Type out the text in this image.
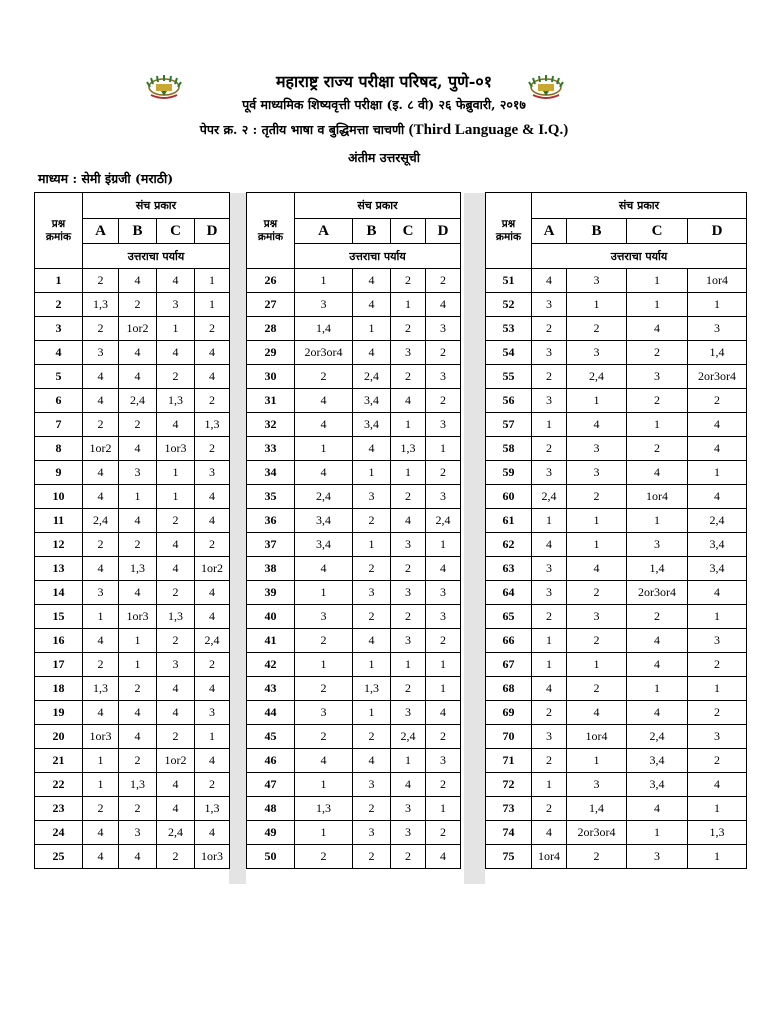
महाराष्ट्र राज्य परीक्षा परिषद, पुणे-०१
पूर्व माध्यमिक शिष्यवृत्ती परीक्षा (इ. ८ वी) २६ फेब्रुवारी, २०१७
पेपर क्र. २ : तृतीय भाषा व बुद्धिमत्ता चाचणी (Third Language & I.Q.)
अंतीम उत्तरसूची
माध्यम : सेमी इंग्रजी (मराठी)
प्रश्न
क्रमांक	संच प्रकार			
	A	B	C	D
	उत्तराचा पर्याय			
1	2	4	4	1
2	1,3	2	3	1
3	2	1or2	1	2
4	3	4	4	4
5	4	4	2	4
6	4	2,4	1,3	2
7	2	2	4	1,3
8	1or2	4	1or3	2
9	4	3	1	3
10	4	1	1	4
11	2,4	4	2	4
12	2	2	4	2
13	4	1,3	4	1or2
14	3	4	2	4
15	1	1or3	1,3	4
16	4	1	2	2,4
17	2	1	3	2
18	1,3	2	4	4
19	4	4	4	3
20	1or3	4	2	1
21	1	2	1or2	4
22	1	1,3	4	2
23	2	2	4	1,3
24	4	3	2,4	4
25	4	4	2	1or3
प्रश्न
क्रमांक	संच प्रकार			
	A	B	C	D
	उत्तराचा पर्याय			
26	1	4	2	2
27	3	4	1	4
28	1,4	1	2	3
29	2or3or4	4	3	2
30	2	2,4	2	3
31	4	3,4	4	2
32	4	3,4	1	3
33	1	4	1,3	1
34	4	1	1	2
35	2,4	3	2	3
36	3,4	2	4	2,4
37	3,4	1	3	1
38	4	2	2	4
39	1	3	3	3
40	3	2	2	3
41	2	4	3	2
42	1	1	1	1
43	2	1,3	2	1
44	3	1	3	4
45	2	2	2,4	2
46	4	4	1	3
47	1	3	4	2
48	1,3	2	3	1
49	1	3	3	2
50	2	2	2	4
प्रश्न
क्रमांक	संच प्रकार			
	A	B	C	D
	उत्तराचा पर्याय			
51	4	3	1	1or4
52	3	1	1	1
53	2	2	4	3
54	3	3	2	1,4
55	2	2,4	3	2or3or4
56	3	1	2	2
57	1	4	1	4
58	2	3	2	4
59	3	3	4	1
60	2,4	2	1or4	4
61	1	1	1	2,4
62	4	1	3	3,4
63	3	4	1,4	3,4
64	3	2	2or3or4	4
65	2	3	2	1
66	1	2	4	3
67	1	1	4	2
68	4	2	1	1
69	2	4	4	2
70	3	1or4	2,4	3
71	2	1	3,4	2
72	1	3	3,4	4
73	2	1,4	4	1
74	4	2or3or4	1	1,3
75	1or4	2	3	1
